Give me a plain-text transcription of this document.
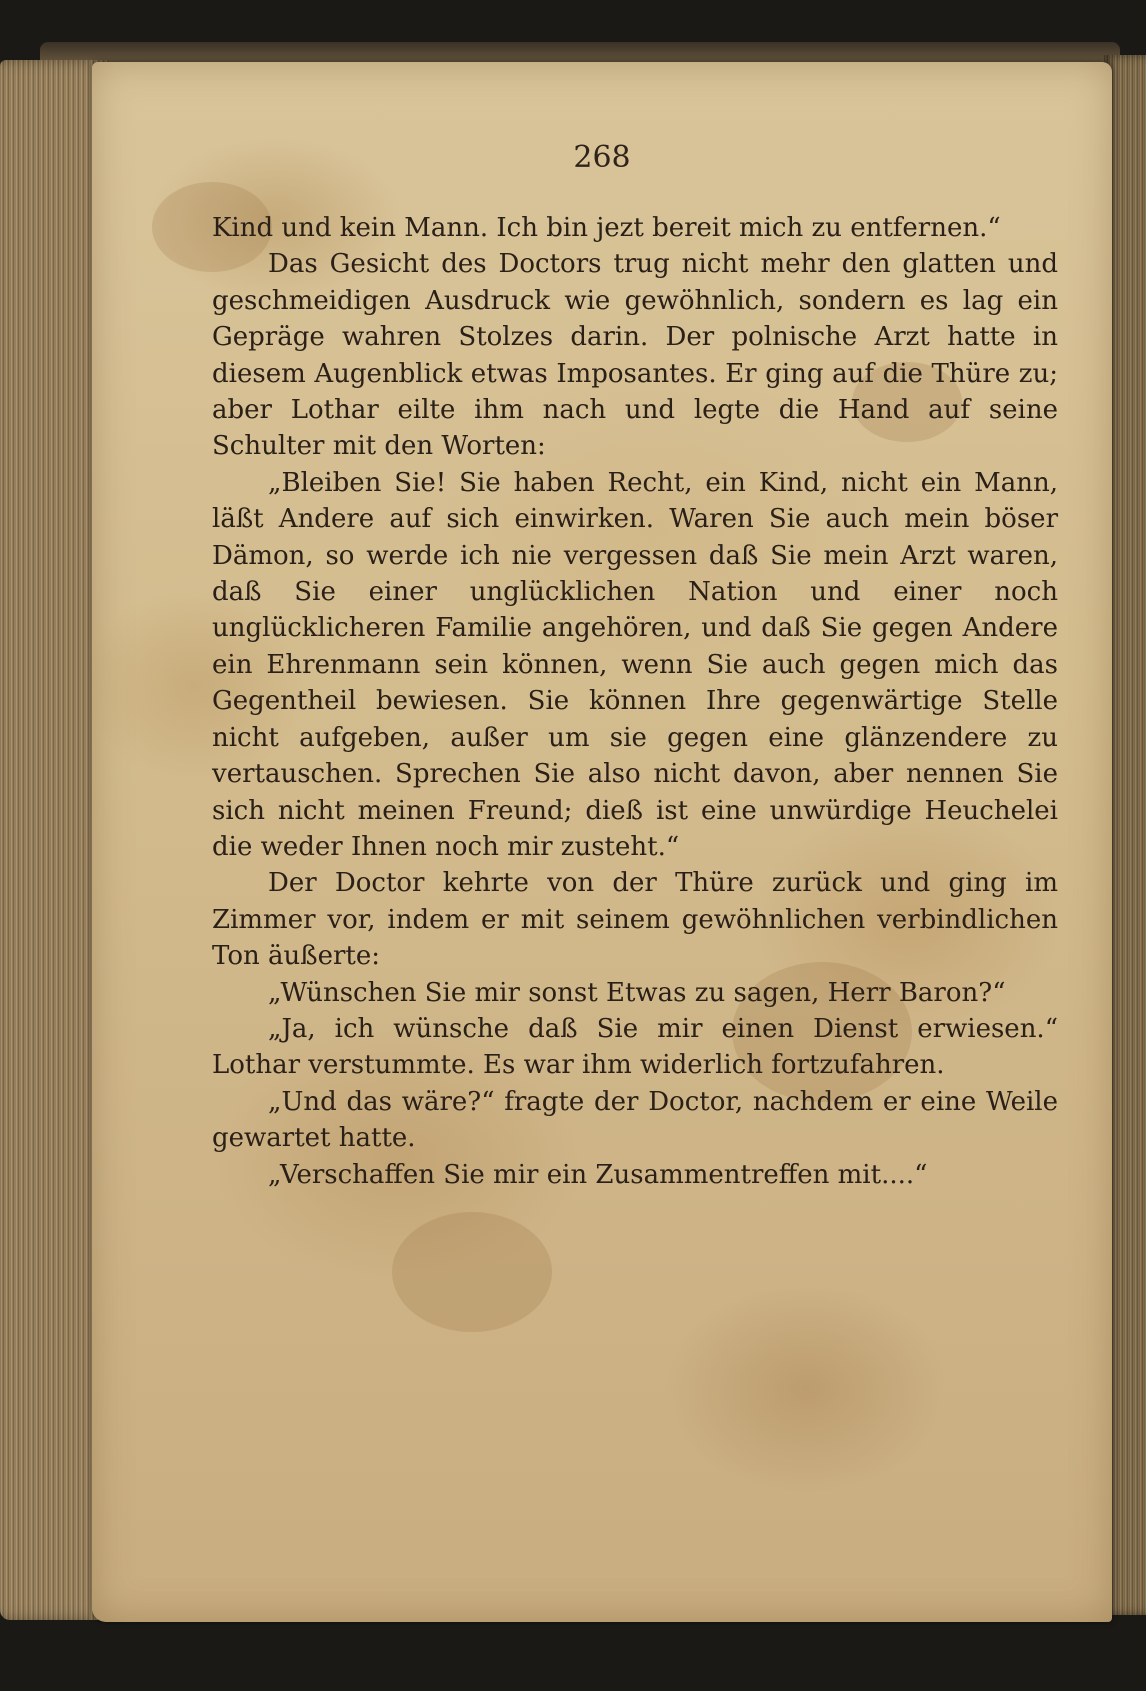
268

Kind und kein Mann. Ich bin jezt bereit mich zu entfernen.“

Das Gesicht des Doctors trug nicht mehr den glatten und geschmeidigen Ausdruck wie gewöhnlich, sondern es lag ein Gepräge wahren Stolzes darin. Der polnische Arzt hatte in diesem Augenblick etwas Imposantes. Er ging auf die Thüre zu; aber Lothar eilte ihm nach und legte die Hand auf seine Schulter mit den Worten:

„Bleiben Sie! Sie haben Recht, ein Kind, nicht ein Mann, läßt Andere auf sich einwirken. Waren Sie auch mein böser Dämon, so werde ich nie vergessen daß Sie mein Arzt waren, daß Sie einer unglücklichen Nation und einer noch unglücklicheren Familie angehören, und daß Sie gegen Andere ein Ehrenmann sein können, wenn Sie auch gegen mich das Gegentheil bewiesen. Sie können Ihre gegenwärtige Stelle nicht aufgeben, außer um sie gegen eine glänzendere zu vertauschen. Sprechen Sie also nicht davon, aber nennen Sie sich nicht meinen Freund; dieß ist eine unwürdige Heuchelei die weder Ihnen noch mir zusteht.“

Der Doctor kehrte von der Thüre zurück und ging im Zimmer vor, indem er mit seinem gewöhnlichen verbindlichen Ton äußerte:

„Wünschen Sie mir sonst Etwas zu sagen, Herr Baron?“

„Ja, ich wünsche daß Sie mir einen Dienst erwiesen.“ Lothar verstummte. Es war ihm widerlich fortzufahren.

„Und das wäre?“ fragte der Doctor, nachdem er eine Weile gewartet hatte.

„Verschaffen Sie mir ein Zusammentreffen mit....“
